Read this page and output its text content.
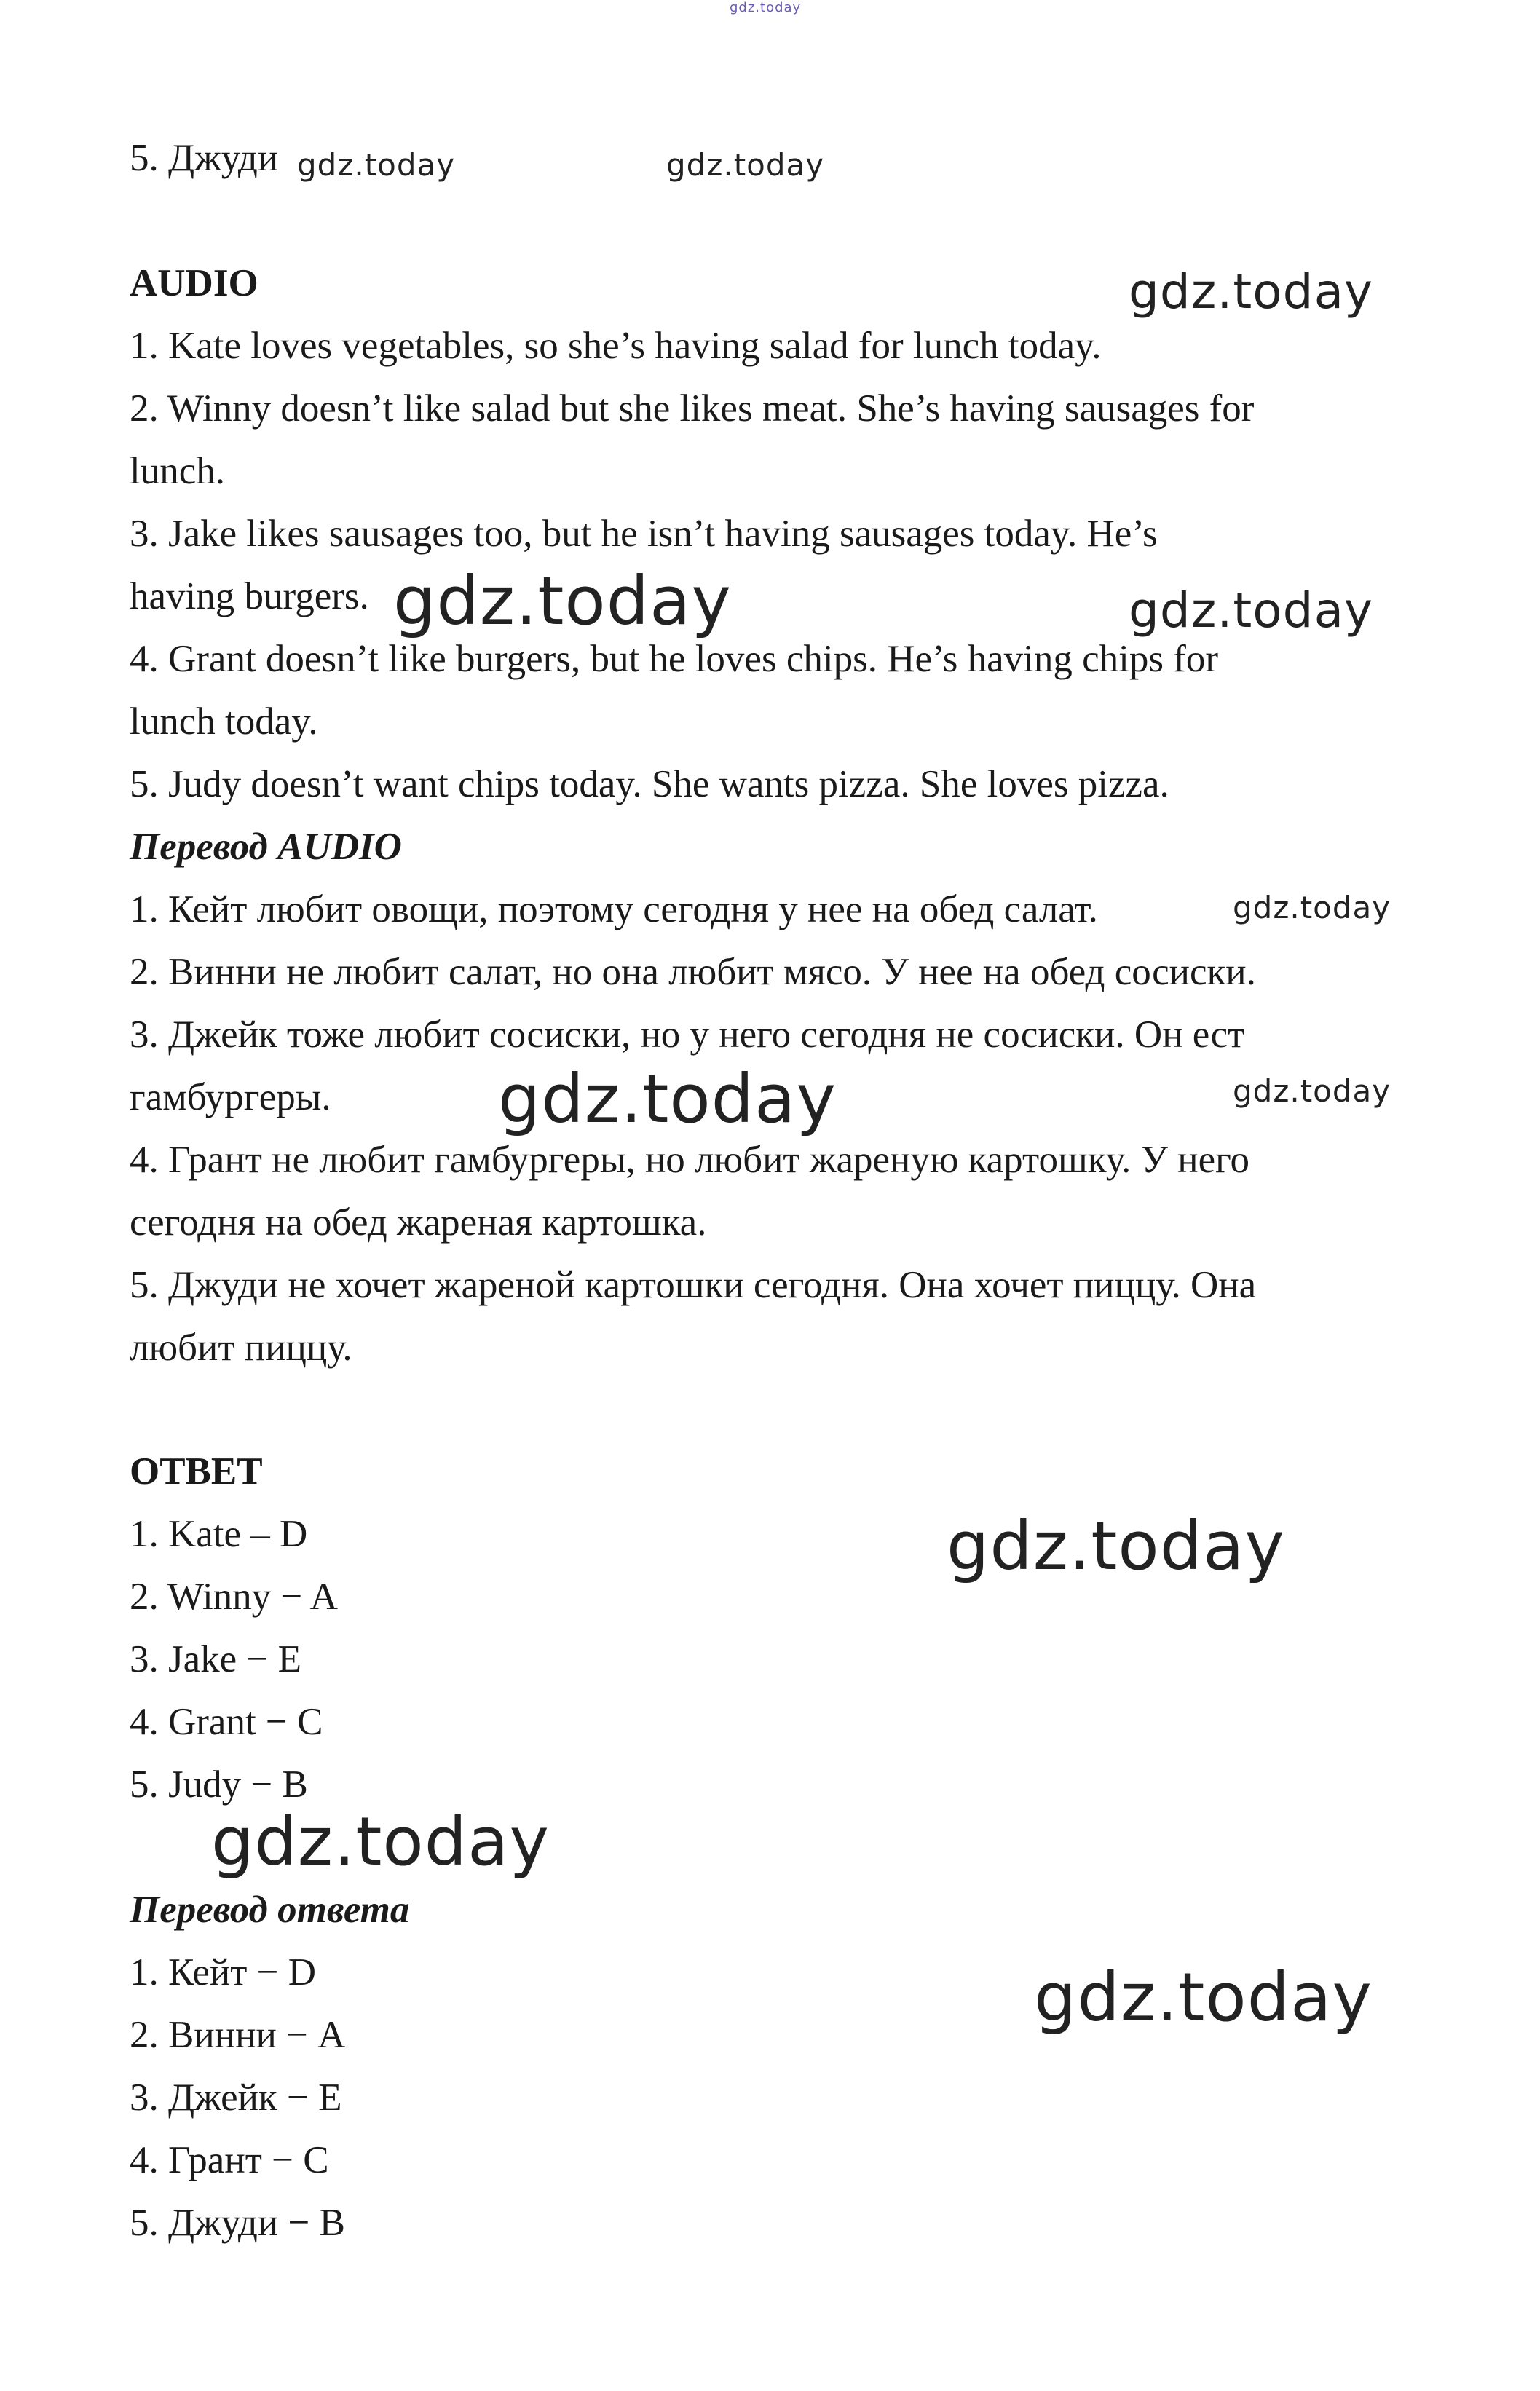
gdz.today
5. Джуди gdz.today	gdz.today
AUDIO	gdz.today
1. Kate loves vegetables, so she’s having salad for lunch today.
2. Winny doesn’t like salad but she likes meat. She’s having sausages for
lunch.
3. Jake likes sausages too, but he isn’t having sausages today. He’s
having burgers. gdz.today	gdz.today
4. Grant doesn’t like burgers, but he loves chips. He’s having chips for
lunch today.
5. Judy doesn’t want chips today. She wants pizza. She loves pizza.
Перевод AUDIO
1. Кейт любит овощи, поэтому сегодня у нее на обед салат.	gdz.today
2. Винни не любит салат, но она любит мясо. У нее на обед сосиски.
3. Джейк тоже любит сосиски, но у него сегодня не сосиски. Он ест
гамбургеры. gdz.today	gdz.today
4. Грант не любит гамбургеры, но любит жареную картошку. У него
сегодня на обед жареная картошка.
5. Джуди не хочет жареной картошки сегодня. Она хочет пиццу. Она
любит пиццу.
ОТВЕТ
1. Kate – D	gdz.today
2. Winny − A
3. Jake − E
4. Grant − C
5. Judy − B
gdz.today
Перевод ответа
1. Кейт − D	gdz.today
2. Винни − A
3. Джейк − E
4. Грант − C
5. Джуди − B
